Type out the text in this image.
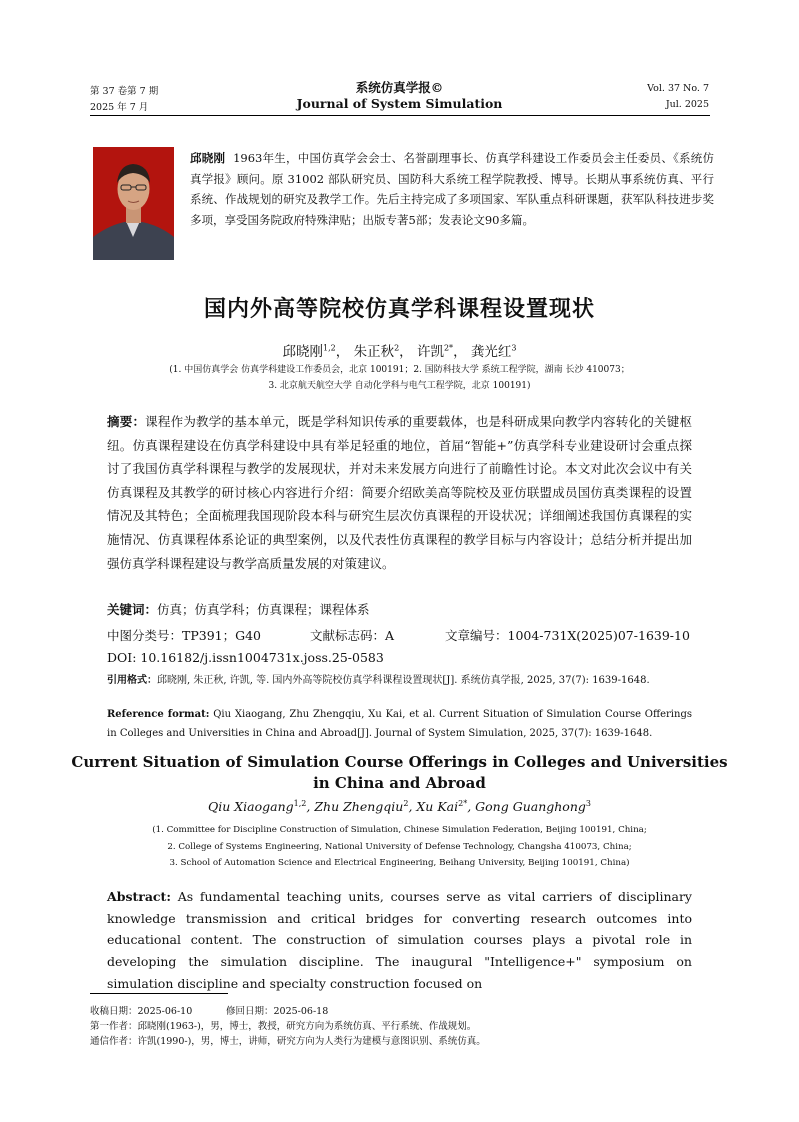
第 37 卷第 7 期
2025 年 7 月
系统仿真学报©
Journal of System Simulation
Vol. 37 No. 7
Jul. 2025
邱晓刚 1963年生，中国仿真学会会士、名誉副理事长、仿真学科建设工作委员会主任委员、《系统仿真学报》顾问。原 31002 部队研究员、国防科大系统工程学院教授、博导。长期从事系统仿真、平行系统、作战规划的研究及教学工作。先后主持完成了多项国家、军队重点科研课题，获军队科技进步奖多项，享受国务院政府特殊津贴；出版专著5部；发表论文90多篇。
国内外高等院校仿真学科课程设置现状
邱晓刚$^{1,2}$， 朱正秋$^2$， 许凯$^{2*}$， 龚光红$^3$
(1. 中国仿真学会 仿真学科建设工作委员会，北京 100191；2. 国防科技大学 系统工程学院，湖南 长沙 410073；
3. 北京航天航空大学 自动化学科与电气工程学院，北京 100191)
摘要：课程作为教学的基本单元，既是学科知识传承的重要载体，也是科研成果向教学内容转化的关键枢纽。仿真课程建设在仿真学科建设中具有举足轻重的地位，首届“智能+”仿真学科专业建设研讨会重点探讨了我国仿真学科课程与教学的发展现状，并对未来发展方向进行了前瞻性讨论。本文对此次会议中有关仿真课程及其教学的研讨核心内容进行介绍：简要介绍欧美高等院校及亚仿联盟成员国仿真类课程的设置情况及其特色；全面梳理我国现阶段本科与研究生层次仿真课程的开设状况；详细阐述我国仿真课程的实施情况、仿真课程体系论证的典型案例，以及代表性仿真课程的教学目标与内容设计；总结分析并提出加强仿真学科课程建设与教学高质量发展的对策建议。
关键词：仿真；仿真学科；仿真课程；课程体系
中图分类号：TP391；G40	文献标志码：A	文章编号：1004-731X(2025)07-1639-10
DOI: 10.16182/j.issn1004731x.joss.25-0583
引用格式：邱晓刚, 朱正秋, 许凯, 等. 国内外高等院校仿真学科课程设置现状[J]. 系统仿真学报, 2025, 37(7): 1639-1648.
Reference format: Qiu Xiaogang, Zhu Zhengqiu, Xu Kai, et al. Current Situation of Simulation Course Offerings in Colleges and Universities in China and Abroad[J]. Journal of System Simulation, 2025, 37(7): 1639-1648.
Current Situation of Simulation Course Offerings in Colleges and Universities
in China and Abroad
Qiu Xiaogang$^{1,2}$, Zhu Zhengqiu$^2$, Xu Kai$^{2*}$, Gong Guanghong$^3$
(1. Committee for Discipline Construction of Simulation, Chinese Simulation Federation, Beijing 100191, China;
2. College of Systems Engineering, National University of Defense Technology, Changsha 410073, China;
3. School of Automation Science and Electrical Engineering, Beihang University, Beijing 100191, China)
Abstract: As fundamental teaching units, courses serve as vital carriers of disciplinary knowledge transmission and critical bridges for converting research outcomes into educational content. The construction of simulation courses plays a pivotal role in developing the simulation discipline. The inaugural "Intelligence+" symposium on simulation discipline and specialty construction focused on
收稿日期：2025-06-10	修回日期：2025-06-18
第一作者：邱晓刚(1963-)，男，博士，教授，研究方向为系统仿真、平行系统、作战规划。
通信作者：许凯(1990-)，男，博士，讲师，研究方向为人类行为建模与意图识别、系统仿真。
